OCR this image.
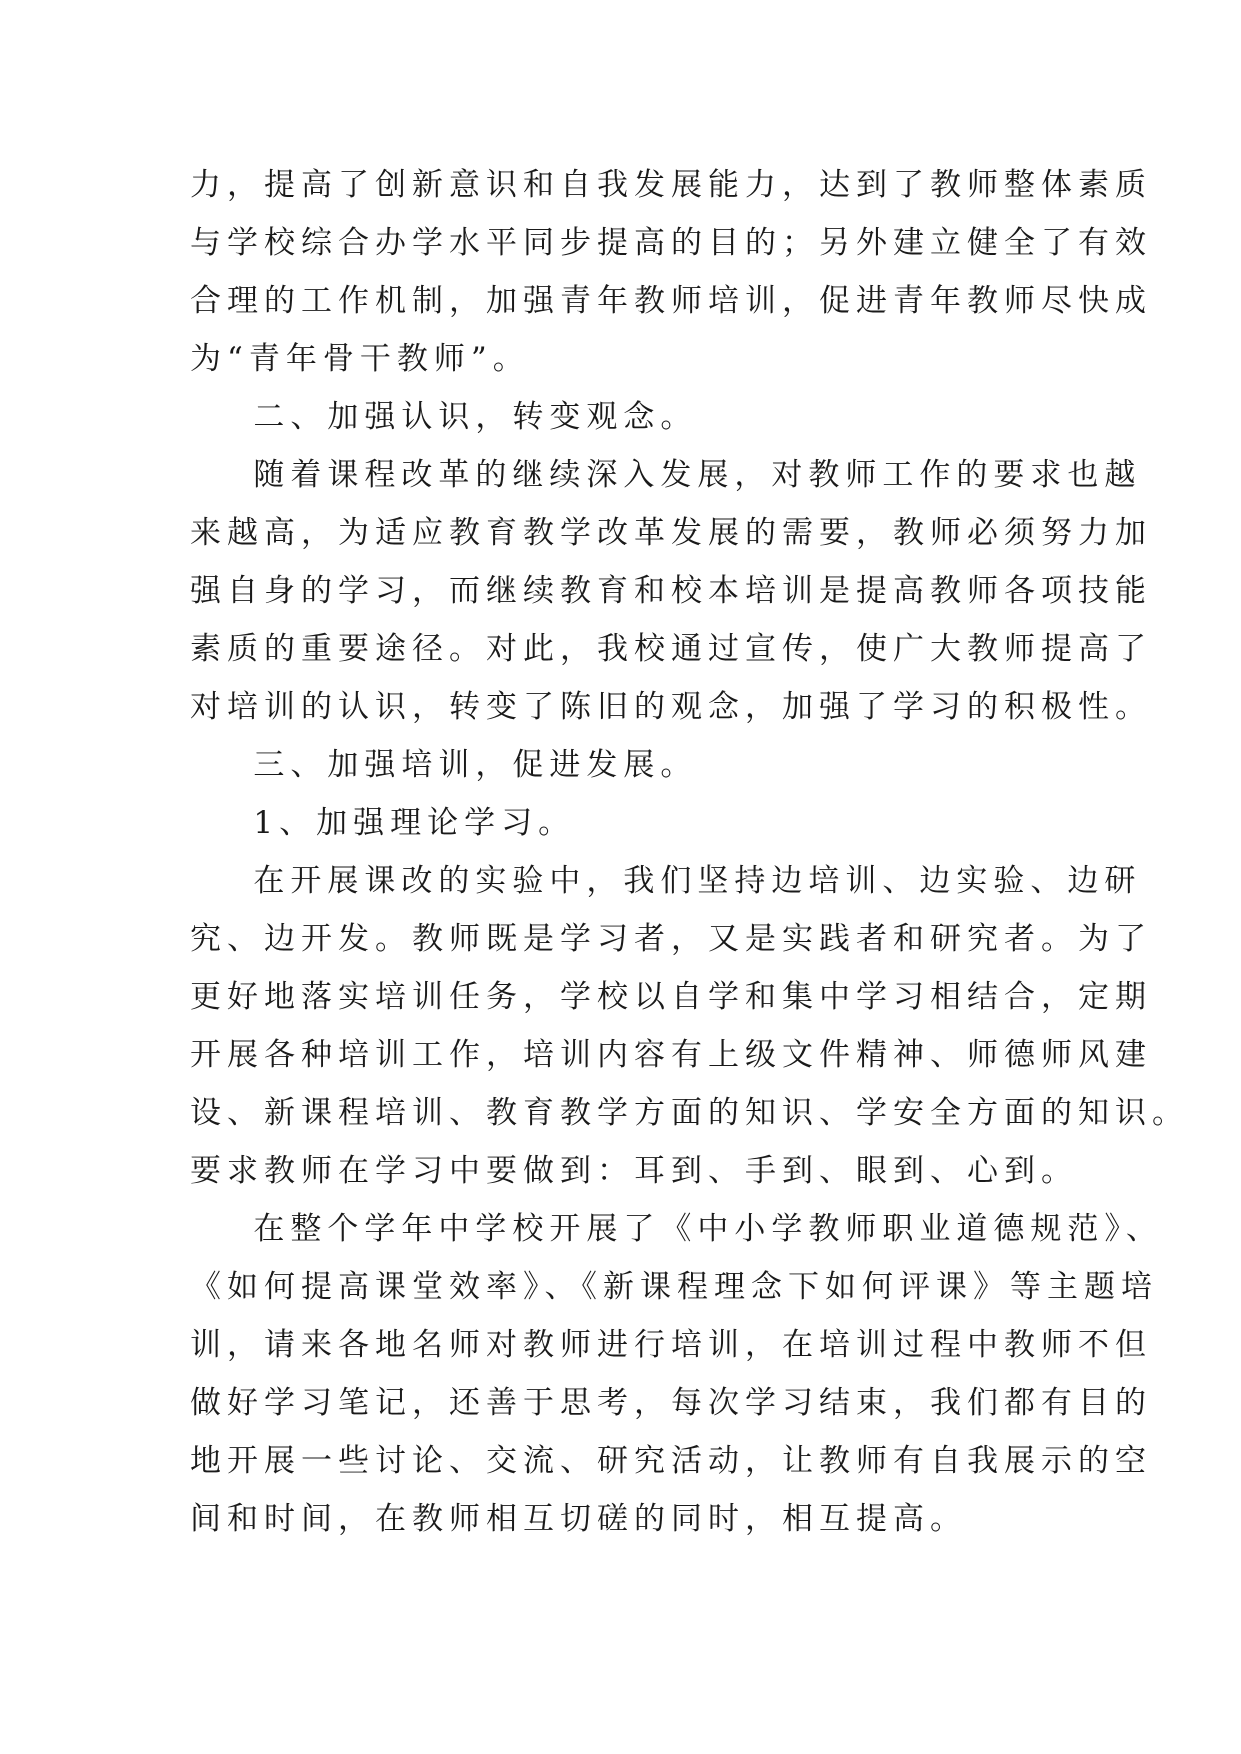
力，提高了创新意识和自我发展能力，达到了教师整体素质
与学校综合办学水平同步提高的目的；另外建立健全了有效
合理的工作机制，加强青年教师培训，促进青年教师尽快成
为“青年骨干教师”。
二、加强认识，转变观念。
随着课程改革的继续深入发展，对教师工作的要求也越
来越高，为适应教育教学改革发展的需要，教师必须努力加
强自身的学习，而继续教育和校本培训是提高教师各项技能
素质的重要途径。对此，我校通过宣传，使广大教师提高了
对培训的认识，转变了陈旧的观念，加强了学习的积极性。
三、加强培训，促进发展。
1、加强理论学习。
在开展课改的实验中，我们坚持边培训、边实验、边研
究、边开发。教师既是学习者，又是实践者和研究者。为了
更好地落实培训任务，学校以自学和集中学习相结合，定期
开展各种培训工作，培训内容有上级文件精神、师德师风建
设、新课程培训、教育教学方面的知识、学安全方面的知识。
要求教师在学习中要做到：耳到、手到、眼到、心到。
在整个学年中学校开展了《中小学教师职业道德规范》、
《如何提高课堂效率》、《新课程理念下如何评课》等主题培
训，请来各地名师对教师进行培训，在培训过程中教师不但
做好学习笔记，还善于思考，每次学习结束，我们都有目的
地开展一些讨论、交流、研究活动，让教师有自我展示的空
间和时间，在教师相互切磋的同时，相互提高。
